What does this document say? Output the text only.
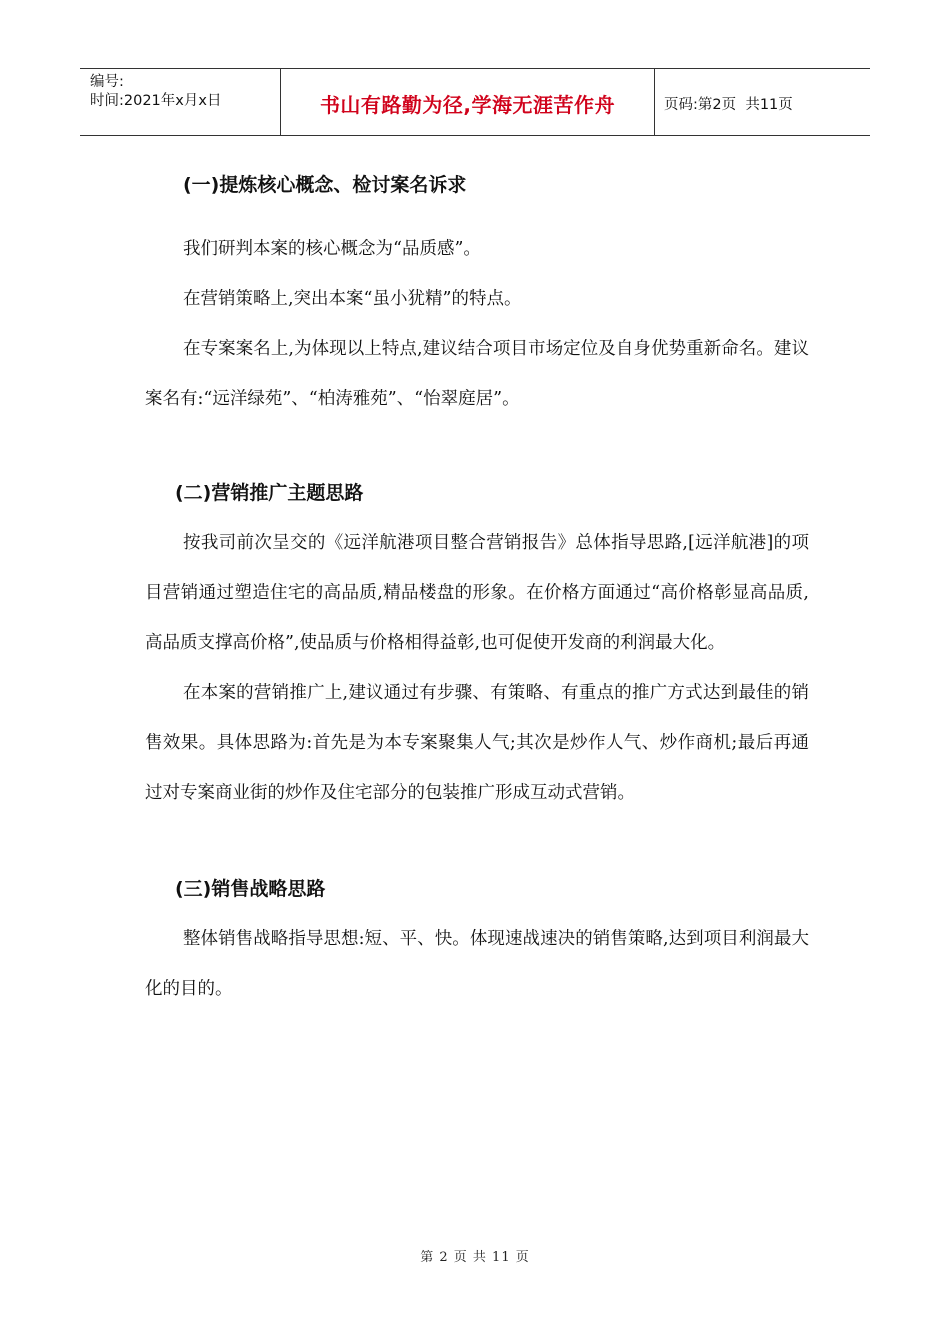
编号:
时间:2021年x月x日	书山有路勤为径,学海无涯苦作舟	页码:第2页  共11页
(一)提炼核心概念、检讨案名诉求

我们研判本案的核心概念为“品质感”。

在营销策略上,突出本案“虽小犹精”的特点。

在专案案名上,为体现以上特点,建议结合项目市场定位及自身优势重新命名。建议案名有:“远洋绿苑”、“柏涛雅苑”、“怡翠庭居”。

(二)营销推广主题思路

按我司前次呈交的《远洋航港项目整合营销报告》总体指导思路,[远洋航港]的项目营销通过塑造住宅的高品质,精品楼盘的形象。在价格方面通过“高价格彰显高品质,高品质支撑高价格”,使品质与价格相得益彰,也可促使开发商的利润最大化。

在本案的营销推广上,建议通过有步骤、有策略、有重点的推广方式达到最佳的销售效果。具体思路为:首先是为本专案聚集人气;其次是炒作人气、炒作商机;最后再通过对专案商业街的炒作及住宅部分的包装推广形成互动式营销。

(三)销售战略思路

整体销售战略指导思想:短、平、快。体现速战速决的销售策略,达到项目利润最大化的目的。

第 2 页 共 11 页
